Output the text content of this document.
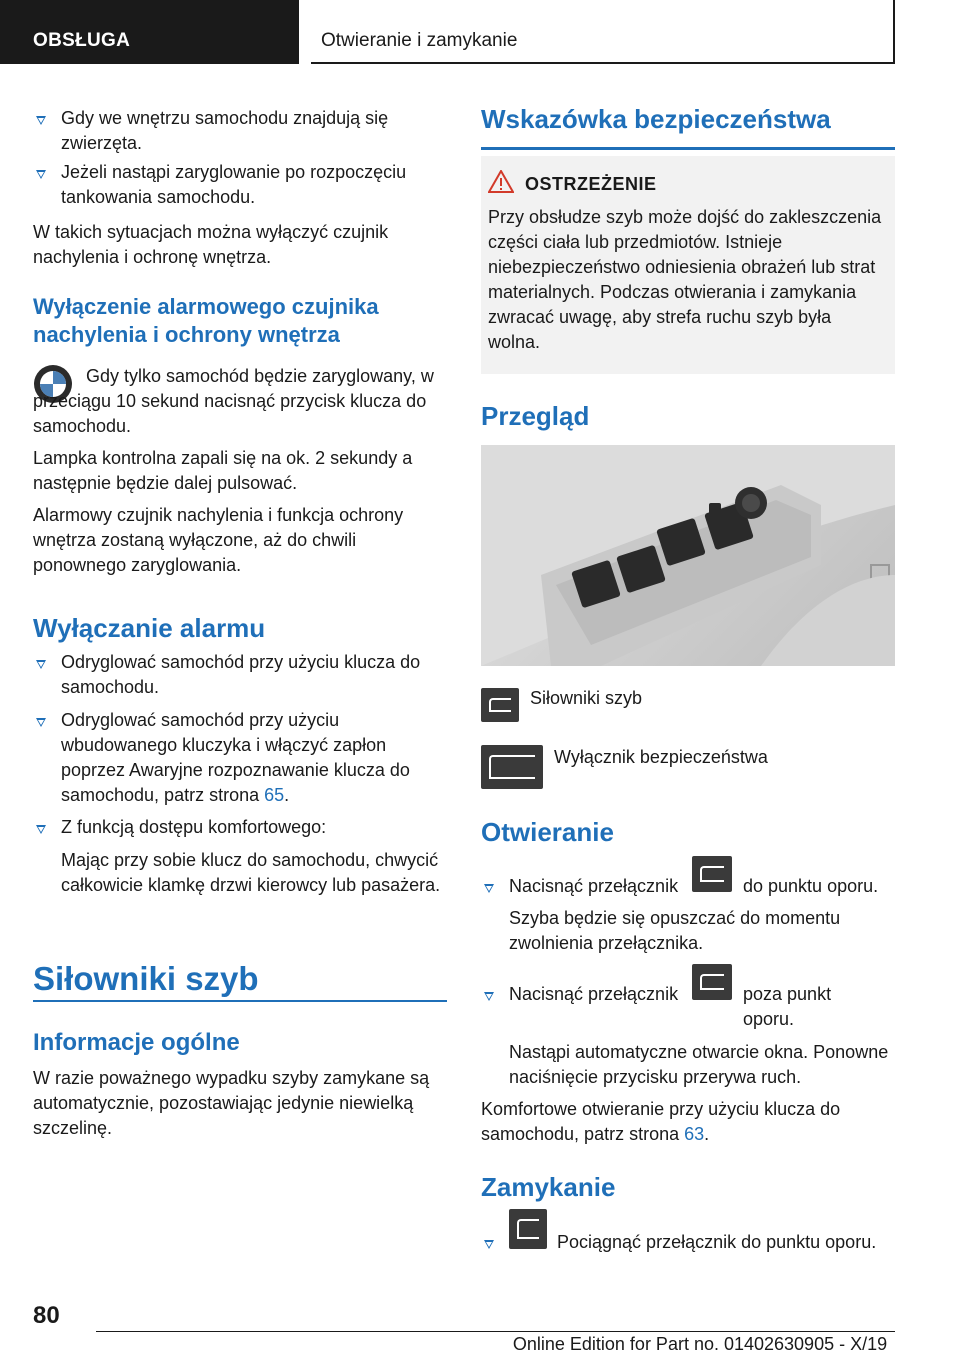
OBSŁUGA	Otwieranie i zamykanie

Gdy we wnętrzu samochodu znajdują się zwierzęta.

Jeżeli nastąpi zaryglowanie po rozpoczęciu tankowania samochodu.

W takich sytuacjach można wyłączyć czujnik nachylenia i ochronę wnętrza.

Wyłączenie alarmowego czujnika nachylenia i ochrony wnętrza

Gdy tylko samochód będzie zaryglowany, w przeciągu 10 sekund nacisnąć przycisk klucza do samochodu.

Lampka kontrolna zapali się na ok. 2 sekundy a następnie będzie dalej pulsować.

Alarmowy czujnik nachylenia i funkcja ochrony wnętrza zostaną wyłączone, aż do chwili ponownego zaryglowania.

Wyłączanie alarmu

Odryglować samochód przy użyciu klucza do samochodu.

Odryglować samochód przy użyciu wbudowanego kluczyka i włączyć zapłon poprzez Awaryjne rozpoznawanie klucza do samochodu, patrz strona 65.

Z funkcją dostępu komfortowego:

Mając przy sobie klucz do samochodu, chwycić całkowicie klamkę drzwi kierowcy lub pasażera.

Siłowniki szyb
Informacje ogólne

W razie poważnego wypadku szyby zamykane są automatycznie, pozostawiając jedynie niewielką szczelinę.

Wskazówka bezpieczeństwa

OSTRZEŻENIE

Przy obsłudze szyb może dojść do zakleszczenia części ciała lub przedmiotów. Istnieje niebezpieczeństwo odniesienia obrażeń lub strat materialnych. Podczas otwierania i zamykania zwracać uwagę, aby strefa ruchu szyb była wolna.

Przegląd

Siłowniki szyb

Wyłącznik bezpieczeństwa

Otwieranie

Nacisnąć przełącznik	do punktu oporu.

Szyba będzie się opuszczać do momentu zwolnienia przełącznika.

Nacisnąć przełącznik	poza punkt oporu.

Nastąpi automatyczne otwarcie okna. Ponowne naciśnięcie przycisku przerywa ruch.

Komfortowe otwieranie przy użyciu klucza do samochodu, patrz strona 63.

Zamykanie

Pociągnąć przełącznik do punktu oporu.

80
Online Edition for Part no. 01402630905 - X/19
